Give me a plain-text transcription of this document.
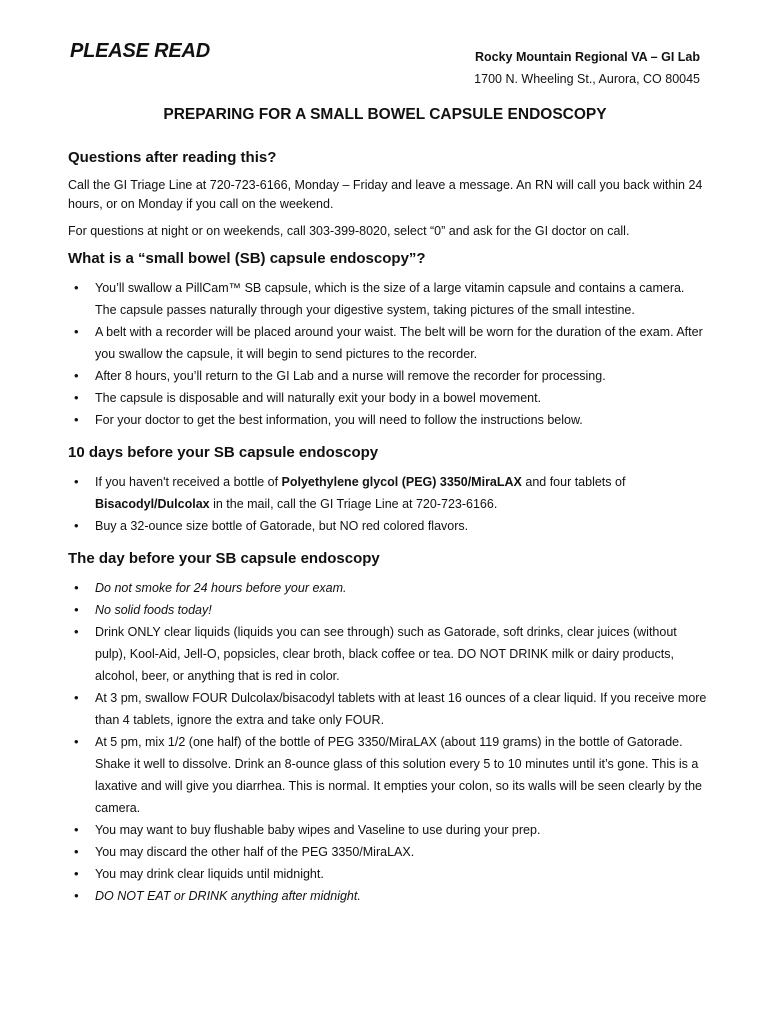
PLEASE READ	Rocky Mountain Regional VA – GI Lab
1700 N. Wheeling St., Aurora, CO 80045
PREPARING FOR A SMALL BOWEL CAPSULE ENDOSCOPY
Questions after reading this?

Call the GI Triage Line at 720-723-6166, Monday – Friday and leave a message. An RN will call you back within 24 hours, or on Monday if you call on the weekend.

For questions at night or on weekends, call 303-399-8020, select “0” and ask for the GI doctor on call.

What is a “small bowel (SB) capsule endoscopy”?
• You’ll swallow a PillCam™ SB capsule, which is the size of a large vitamin capsule and contains a camera. The capsule passes naturally through your digestive system, taking pictures of the small intestine.
• A belt with a recorder will be placed around your waist. The belt will be worn for the duration of the exam. After you swallow the capsule, it will begin to send pictures to the recorder.
• After 8 hours, you’ll return to the GI Lab and a nurse will remove the recorder for processing.
• The capsule is disposable and will naturally exit your body in a bowel movement.
• For your doctor to get the best information, you will need to follow the instructions below.
10 days before your SB capsule endoscopy
• If you haven't received a bottle of Polyethylene glycol (PEG) 3350/MiraLAX and four tablets of Bisacodyl/Dulcolax in the mail, call the GI Triage Line at 720-723-6166.
• Buy a 32-ounce size bottle of Gatorade, but NO red colored flavors.
The day before your SB capsule endoscopy
• Do not smoke for 24 hours before your exam.
• No solid foods today!
• Drink ONLY clear liquids (liquids you can see through) such as Gatorade, soft drinks, clear juices (without pulp), Kool-Aid, Jell-O, popsicles, clear broth, black coffee or tea. DO NOT DRINK milk or dairy products, alcohol, beer, or anything that is red in color.
• At 3 pm, swallow FOUR Dulcolax/bisacodyl tablets with at least 16 ounces of a clear liquid. If you receive more than 4 tablets, ignore the extra and take only FOUR.
• At 5 pm, mix 1/2 (one half) of the bottle of PEG 3350/MiraLAX (about 119 grams) in the bottle of Gatorade. Shake it well to dissolve. Drink an 8-ounce glass of this solution every 5 to 10 minutes until it’s gone. This is a laxative and will give you diarrhea. This is normal. It empties your colon, so its walls will be seen clearly by the camera.
• You may want to buy flushable baby wipes and Vaseline to use during your prep.
• You may discard the other half of the PEG 3350/MiraLAX.
• You may drink clear liquids until midnight.
• DO NOT EAT or DRINK anything after midnight.
